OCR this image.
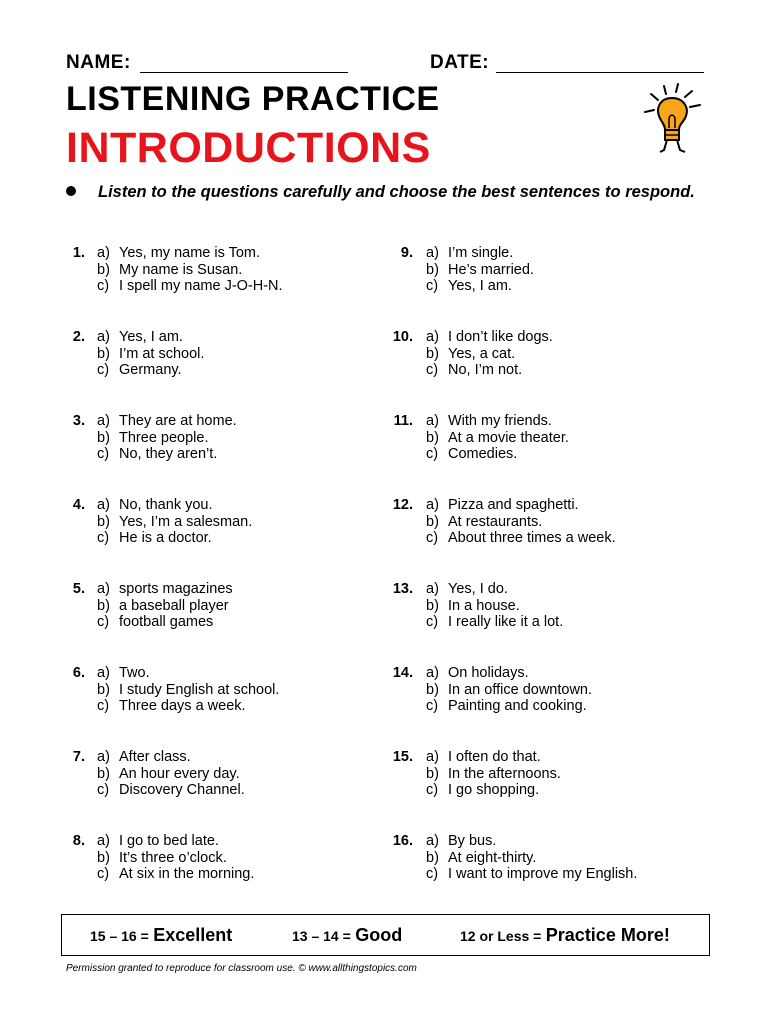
NAME:	DATE:
LISTENING PRACTICE
INTRODUCTIONS
Listen to the questions carefully and choose the best sentences to respond.
1. a) Yes, my name is Tom.
b) My name is Susan.
c) I spell my name J-O-H-N.
2. a) Yes, I am.
b) I’m at school.
c) Germany.
3. a) They are at home.
b) Three people.
c) No, they aren’t.
4. a) No, thank you.
b) Yes, I’m a salesman.
c) He is a doctor.
5. a) sports magazines
b) a baseball player
c) football games
6. a) Two.
b) I study English at school.
c) Three days a week.
7. a) After class.
b) An hour every day.
c) Discovery Channel.
8. a) I go to bed late.
b) It’s three o’clock.
c) At six in the morning.
9. a) I’m single.
b) He’s married.
c) Yes, I am.
10. a) I don’t like dogs.
b) Yes, a cat.
c) No, I’m not.
11. a) With my friends.
b) At a movie theater.
c) Comedies.
12. a) Pizza and spaghetti.
b) At restaurants.
c) About three times a week.
13. a) Yes, I do.
b) In a house.
c) I really like it a lot.
14. a) On holidays.
b) In an office downtown.
c) Painting and cooking.
15. a) I often do that.
b) In the afternoons.
c) I go shopping.
16. a) By bus.
b) At eight-thirty.
c) I want to improve my English.
15 – 16 = Excellent	13 – 14 = Good	12 or Less = Practice More!
Permission granted to reproduce for classroom use. © www.allthingstopics.com
